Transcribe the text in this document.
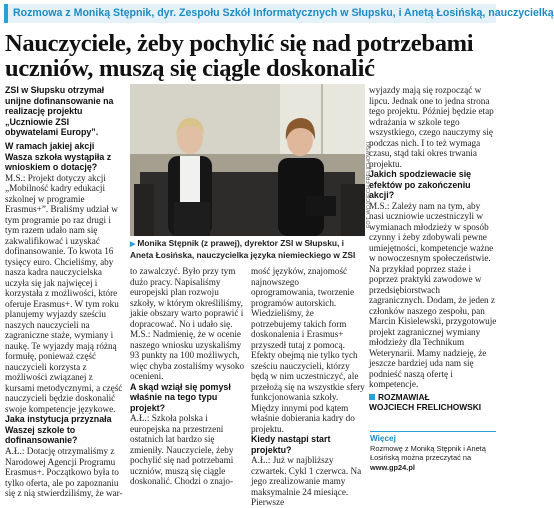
Rozmowa z Moniką Stępnik, dyr. Zespołu Szkół Informatycznych w Słupsku, i Anetą Łosińską, nauczycielką
Nauczyciele, żeby pochylić się nad potrzebami uczniów, muszą się ciągle doskonalić

ZSI w Słupsku otrzymał unijne dofinansowanie na realizację projektu „Uczniowie ZSI obywatelami Europy”.

W ramach jakiej akcji Wasza szkoła wystąpiła z wnioskiem o dotację?

M.S.: Projekt dotyczy akcji „Mobilność kadry edukacji szkolnej w programie Erasmus+”. Braliśmy udział w tym programie po raz drugi i tym razem udało nam się zakwalifikować i uzyskać dofinansowanie. To kwota 16 tysięcy euro. Chcieliśmy, aby nasza kadra nauczycielska uczyła się jak najwięcej i korzystała z możliwości, które oferuje Erasmus+. W tym roku planujemy wyjazdy sześciu naszych nauczycieli na zagraniczne staże, wymiany i naukę. Te wyjazdy mają różną formułę, ponieważ część nauczycieli korzysta z możliwości związanej z kursami metodycznymi, a część nauczycieli będzie doskonalić swoje kompetencje językowe.

Jaka instytucja przyznała Waszej szkole to dofinansowanie?

A.Ł.: Dotację otrzymaliśmy z Narodowej Agencji Programu Erasmus+. Początkowo była to tylko oferta, ale po zapoznaniu się z nią stwierdziliśmy, że war-

FOT. WOJCIECH FRELICHOWSKI

▶ Monika Stępnik (z prawej), dyrektor ZSI w Słupsku, i Aneta Łosińska, nauczycielka języka niemieckiego w ZSI

to zawalczyć. Było przy tym dużo pracy. Napisaliśmy europejski plan rozwoju szkoły, w którym określiliśmy, jakie obszary warto poprawić i dopracować. No i udało się.

M.S.: Nadmienię, że w ocenie naszego wniosku uzyskaliśmy 93 punkty na 100 możliwych, więc chyba zostaliśmy wysoko ocenieni.

A skąd wziął się pomysł właśnie na tego typu projekt?

A.Ł.: Szkoła polska i europejska na przestrzeni ostatnich lat bardzo się zmieniły. Nauczyciele, żeby pochylić się nad potrzebami uczniów, muszą się ciągle doskonalić. Chodzi o znajo-

mość języków, znajomość najnowszego oprogramowania, tworzenie programów autorskich. Wiedzieliśmy, że potrzebujemy takich form doskonalenia i Erasmus+ przyszedł tutaj z pomocą. Efekty obejmą nie tylko tych sześciu nauczycieli, którzy będą w nim uczestniczyć, ale przełożą się na wszystkie sfery funkcjonowania szkoły. Między innymi pod kątem właśnie dobierania kadry do projektu.

Kiedy nastąpi start projektu?

A.Ł.: Już w najbliższy czwartek. Cykl 1 czerwca. Na jego zrealizowanie mamy maksymalnie 24 miesiące. Pierwsze

wyjazdy mają się rozpocząć w lipcu. Jednak one to jedna strona tego projektu. Później będzie etap wdrażania w szkole tego wszystkiego, czego nauczymy się podczas nich. I to też wymaga czasu, stąd taki okres trwania projektu.

Jakich spodziewacie się efektów po zakończeniu akcji?

M.S.: Zależy nam na tym, aby nasi uczniowie uczestniczyli w wymianach młodzieży w sposób czynny i żeby zdobywali pewne umiejętności, kompetencje ważne w nowoczesnym społeczeństwie. Na przykład poprzez staże i poprzez praktyki zawodowe w przedsiębiorstwach zagranicznych. Dodam, że jeden z członków naszego zespołu, pan Marcin Kisielewski, przygotowuje projekt zagranicznej wymiany młodzieży dla Technikum Weterynarii. Mamy nadzieję, że jeszcze bardziej uda nam się podnieść naszą ofertę i kompetencje.

ROZMAWIAŁ
WOJCIECH FRELICHOWSKI
Więcej
Rozmowę z Moniką Stępnik i Anetą Łosińską można przeczytać na www.gp24.pl
